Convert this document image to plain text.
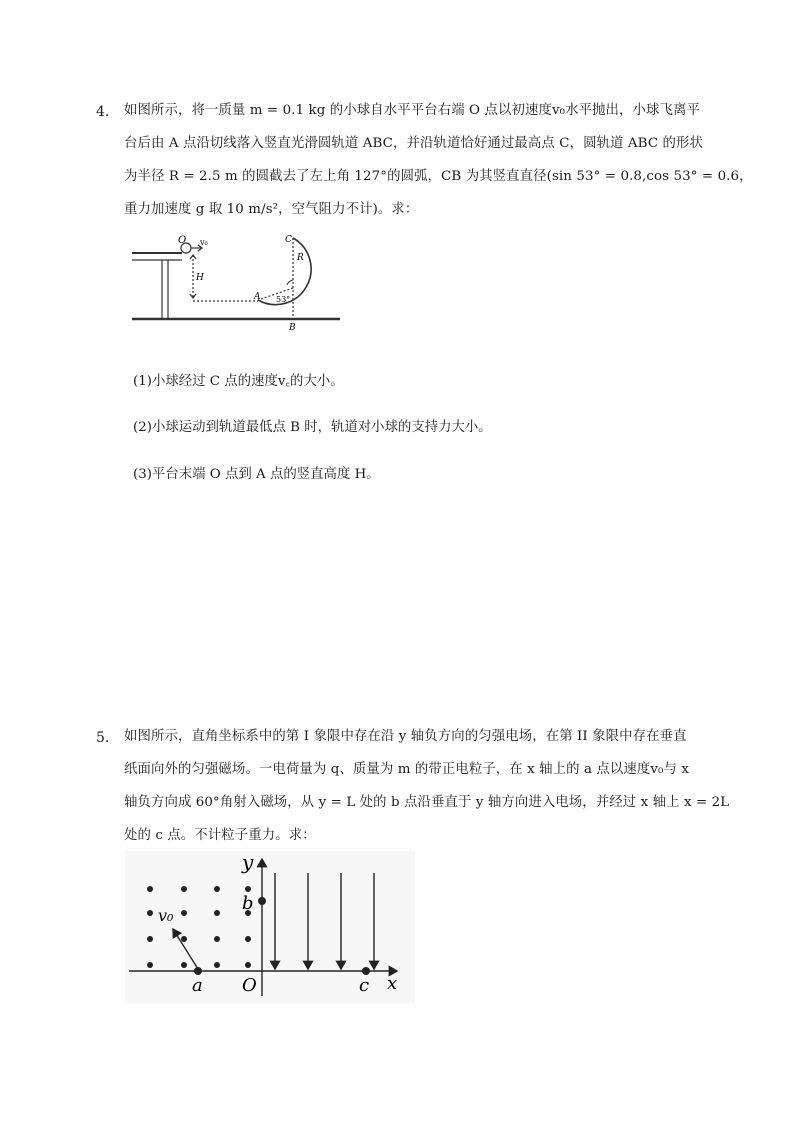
4. 如图所示，将一质量 m = 0.1 kg 的小球自水平平台右端 O 点以初速度v₀水平抛出，小球飞离平
台后由 A 点沿切线落入竖直光滑圆轨道 ABC，并沿轨道恰好通过最高点 C，圆轨道 ABC 的形状
为半径 R = 2.5 m 的圆截去了左上角 127°的圆弧，CB 为其竖直直径(sin 53° = 0.8,cos 53° = 0.6，
重力加速度 g 取 10 m/s²，空气阻力不计)。求：
O v₀
H
A
C
R
53°
B
(1)小球经过 C 点的速度v꜀的大小。
(2)小球运动到轨道最低点 B 时，轨道对小球的支持力大小。
(3)平台末端 O 点到 A 点的竖直高度 H。
5. 如图所示，直角坐标系中的第 I 象限中存在沿 y 轴负方向的匀强电场，在第 II 象限中存在垂直
纸面向外的匀强磁场。一电荷量为 q、质量为 m 的带正电粒子，在 x 轴上的 a 点以速度v₀与 x
轴负方向成 60°角射入磁场，从 y = L 处的 b 点沿垂直于 y 轴方向进入电场，并经过 x 轴上 x = 2L
处的 c 点。不计粒子重力。求：
y
x
b
v₀
a O	c
